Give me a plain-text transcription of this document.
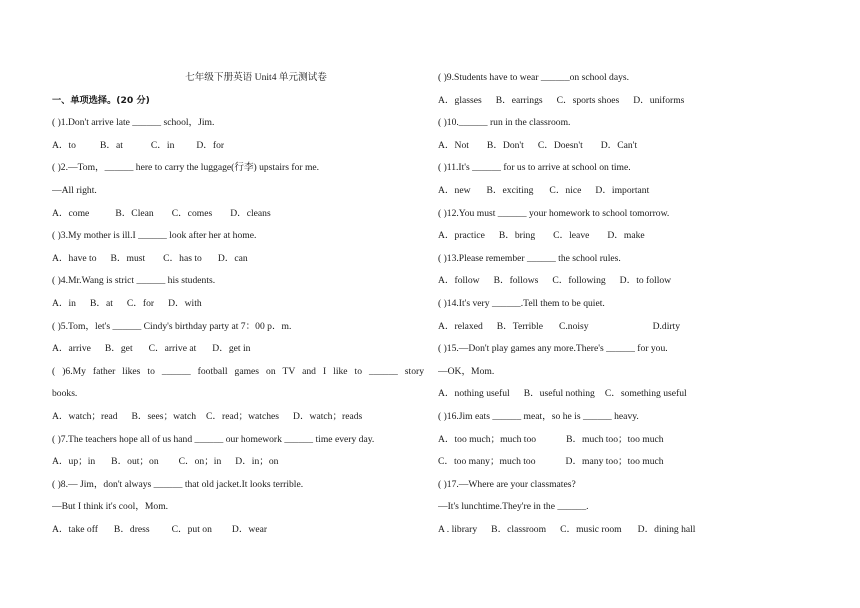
七年级下册英语 Unit4 单元测试卷
一、单项选择。(20 分)
( )1.Don't arrive late ______ school，Jim.
A．to	B．at	C．in D．for
( )2.—Tom，______ here to carry the luggage(行李) upstairs for me.
—All right.
A．come	B．Clean C．comes D．cleans
( )3.My mother is ill.I ______ look after her at home.
A．have to B．must C．has to D．can
( )4.Mr.Wang is strict ______ his students.
A．in B．at C．for D．with
( )5.Tom，let's ______ Cindy's birthday party at 7：00 p．m.
A．arrive B．get C．arrive at D．get in
( )6.My father likes to ______ football games on TV and I like to ______ story
books.
A．watch；read B．sees；watch C．read；watches D．watch；reads
( )7.The teachers hope all of us hand ______ our homework ______ time every day.
A．up；in B．out；on C．on；in D．in；on
( )8.— Jim，don't always ______ that old jacket.It looks terrible.
—But I think it's cool，Mom.
A．take off B．dress C．put on D．wear
( )9.Students have to wear ______on school days.
A．glasses B．earrings C．sports shoes D．uniforms
( )10.______ run in the classroom.
A．Not B．Don't C．Doesn't D．Can't
( )11.It's ______ for us to arrive at school on time.
A．new B．exciting C．nice D．important
( )12.You must ______ your homework to school tomorrow.
A．practice B．bring C．leave D．make
( )13.Please remember ______ the school rules.
A．follow B．follows C．following D．to follow
( )14.It's very ______.Tell them to be quiet.
A．relaxed B．Terrible C.noisy	D.dirty
( )15.—Don't play games any more.There's ______ for you.
—OK，Mom.
A．nothing useful B．useful nothing C．something useful
( )16.Jim eats ______ meat，so he is ______ heavy.
A．too much；much too	B．much too；too much
C．too many；much too	D．many too；too much
( )17.—Where are your classmates?
—It's lunchtime.They're in the ______.
A . library B．classroom C．music room D．dining hall
